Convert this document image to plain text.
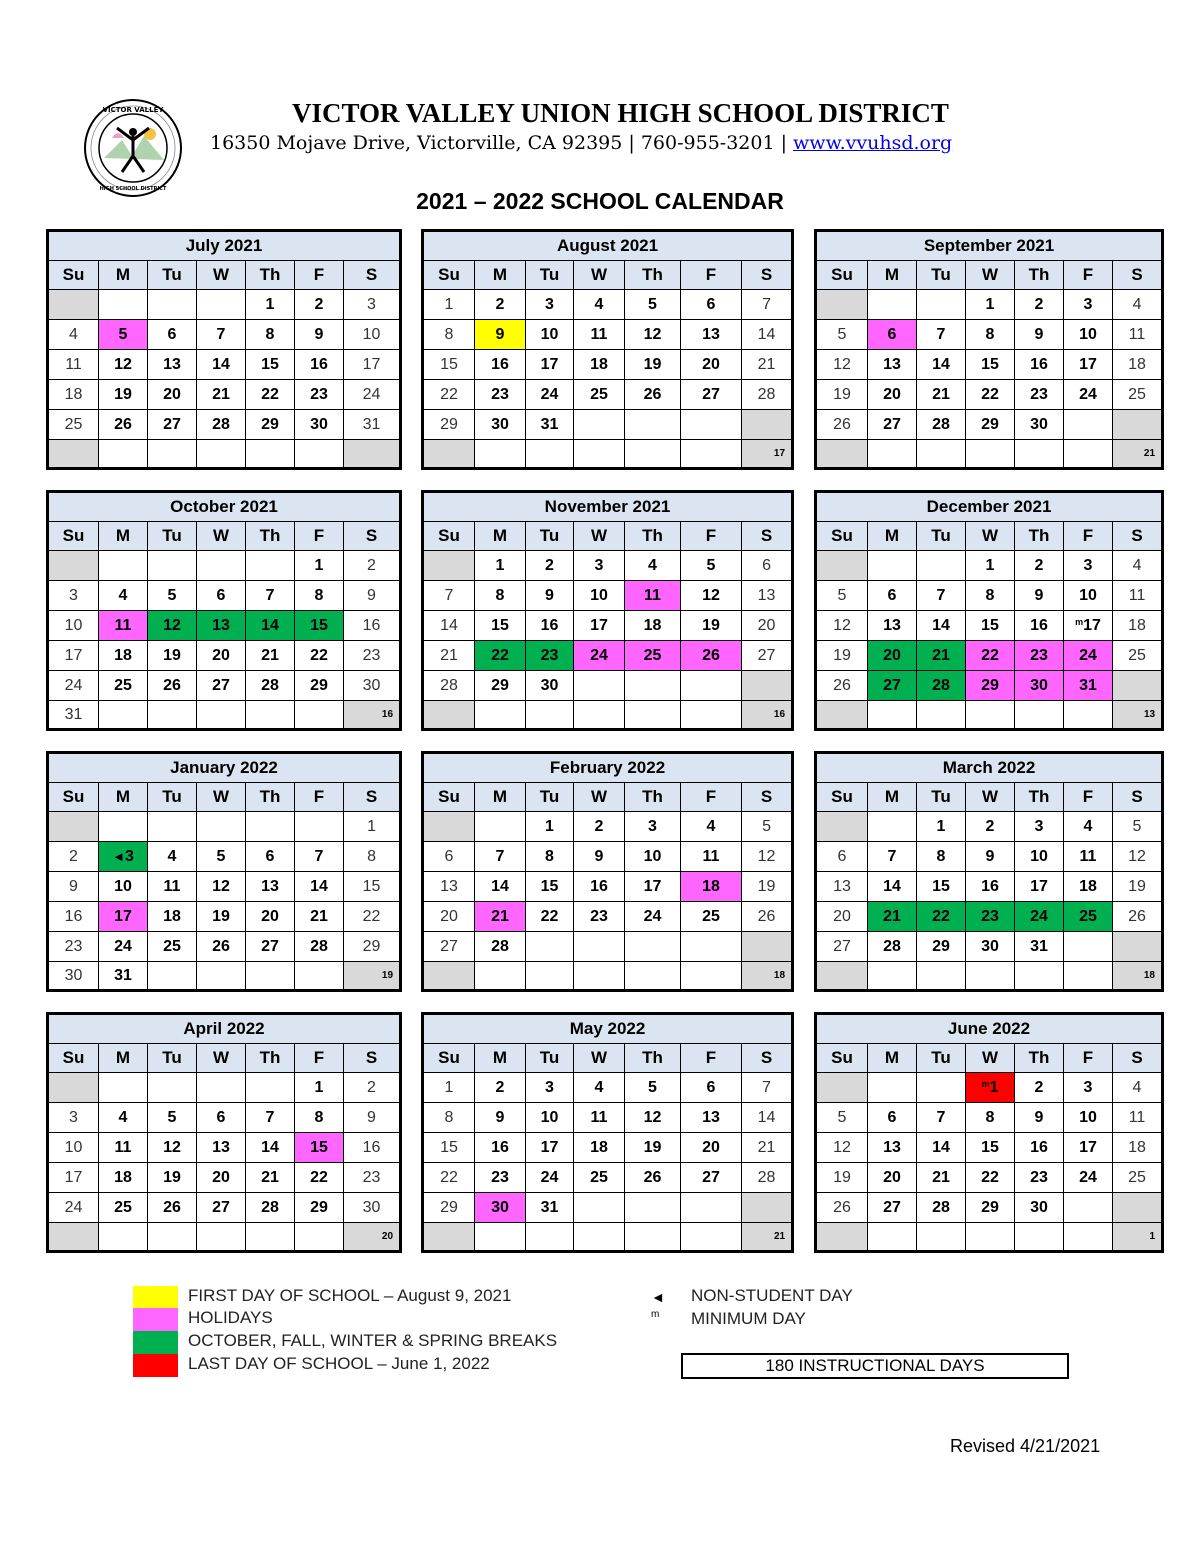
VICTOR VALLEY
HIGH SCHOOL DISTRICT
VICTOR VALLEY UNION HIGH SCHOOL DISTRICT
16350 Mojave Drive, Victorville, CA 92395 | 760-955-3201 | www.vvuhsd.org
2021 – 2022 SCHOOL CALENDAR
July 2021						
Su	M	Tu	W	Th	F	S
				1	2	3
4	5	6	7	8	9	10
11	12	13	14	15	16	17
18	19	20	21	22	23	24
25	26	27	28	29	30	31

August 2021						
Su	M	Tu	W	Th	F	S
1	2	3	4	5	6	7
8	9	10	11	12	13	14
15	16	17	18	19	20	21
22	23	24	25	26	27	28
29	30	31				
						17
September 2021						
Su	M	Tu	W	Th	F	S
			1	2	3	4
5	6	7	8	9	10	11
12	13	14	15	16	17	18
19	20	21	22	23	24	25
26	27	28	29	30		
						21
October 2021						
Su	M	Tu	W	Th	F	S
					1	2
3	4	5	6	7	8	9
10	11	12	13	14	15	16
17	18	19	20	21	22	23
24	25	26	27	28	29	30
31						16
November 2021						
Su	M	Tu	W	Th	F	S
	1	2	3	4	5	6
7	8	9	10	11	12	13
14	15	16	17	18	19	20
21	22	23	24	25	26	27
28	29	30				
						16
December 2021						
Su	M	Tu	W	Th	F	S
			1	2	3	4
5	6	7	8	9	10	11
12	13	14	15	16	$^m$17	18
19	20	21	22	23	24	25
26	27	28	29	30	31	
						13
January 2022						
Su	M	Tu	W	Th	F	S
						1
2	◄3	4	5	6	7	8
9	10	11	12	13	14	15
16	17	18	19	20	21	22
23	24	25	26	27	28	29
30	31					19
February 2022						
Su	M	Tu	W	Th	F	S
		1	2	3	4	5
6	7	8	9	10	11	12
13	14	15	16	17	18	19
20	21	22	23	24	25	26
27	28					
						18
March 2022						
Su	M	Tu	W	Th	F	S
		1	2	3	4	5
6	7	8	9	10	11	12
13	14	15	16	17	18	19
20	21	22	23	24	25	26
27	28	29	30	31		
						18
April 2022						
Su	M	Tu	W	Th	F	S
					1	2
3	4	5	6	7	8	9
10	11	12	13	14	15	16
17	18	19	20	21	22	23
24	25	26	27	28	29	30
						20
May 2022						
Su	M	Tu	W	Th	F	S
1	2	3	4	5	6	7
8	9	10	11	12	13	14
15	16	17	18	19	20	21
22	23	24	25	26	27	28
29	30	31				
						21
June 2022						
Su	M	Tu	W	Th	F	S
			$^m$1	2	3	4
5	6	7	8	9	10	11
12	13	14	15	16	17	18
19	20	21	22	23	24	25
26	27	28	29	30		
						1
FIRST DAY OF SCHOOL – August 9, 2021
HOLIDAYS
OCTOBER, FALL, WINTER & SPRING BREAKS
LAST DAY OF SCHOOL – June 1, 2022
◄ NON-STUDENT DAY
m MINIMUM DAY
180 INSTRUCTIONAL DAYS
Revised 4/21/2021
